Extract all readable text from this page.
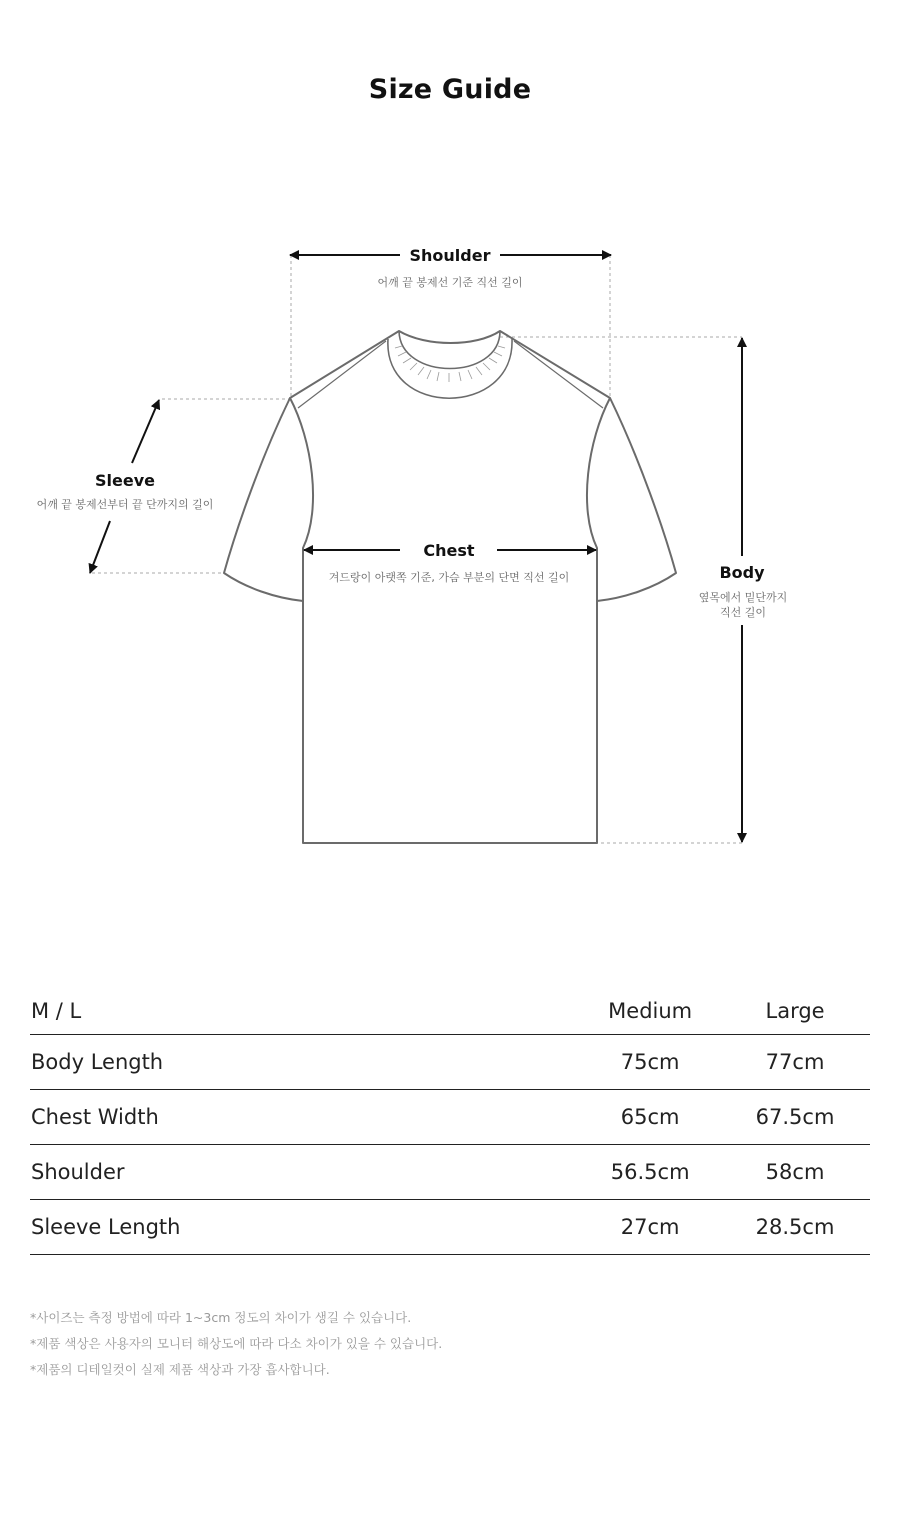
Size Guide
Shoulder
어깨 끝 봉제선 기준 직선 길이
Sleeve
어깨 끝 봉제선부터 끝 단까지의 길이
Chest
겨드랑이 아랫쪽 기준, 가슴 부분의 단면 직선 길이	Body
옆목에서 밑단까지
직선 길이
M / L	Medium	Large
Body Length	75cm	77cm
Chest Width	65cm	67.5cm
Shoulder	56.5cm	58cm
Sleeve Length	27cm	28.5cm

*사이즈는 측정 방법에 따라 1~3cm 정도의 차이가 생길 수 있습니다.

*제품 색상은 사용자의 모니터 해상도에 따라 다소 차이가 있을 수 있습니다.

*제품의 디테일컷이 실제 제품 색상과 가장 흡사합니다.
